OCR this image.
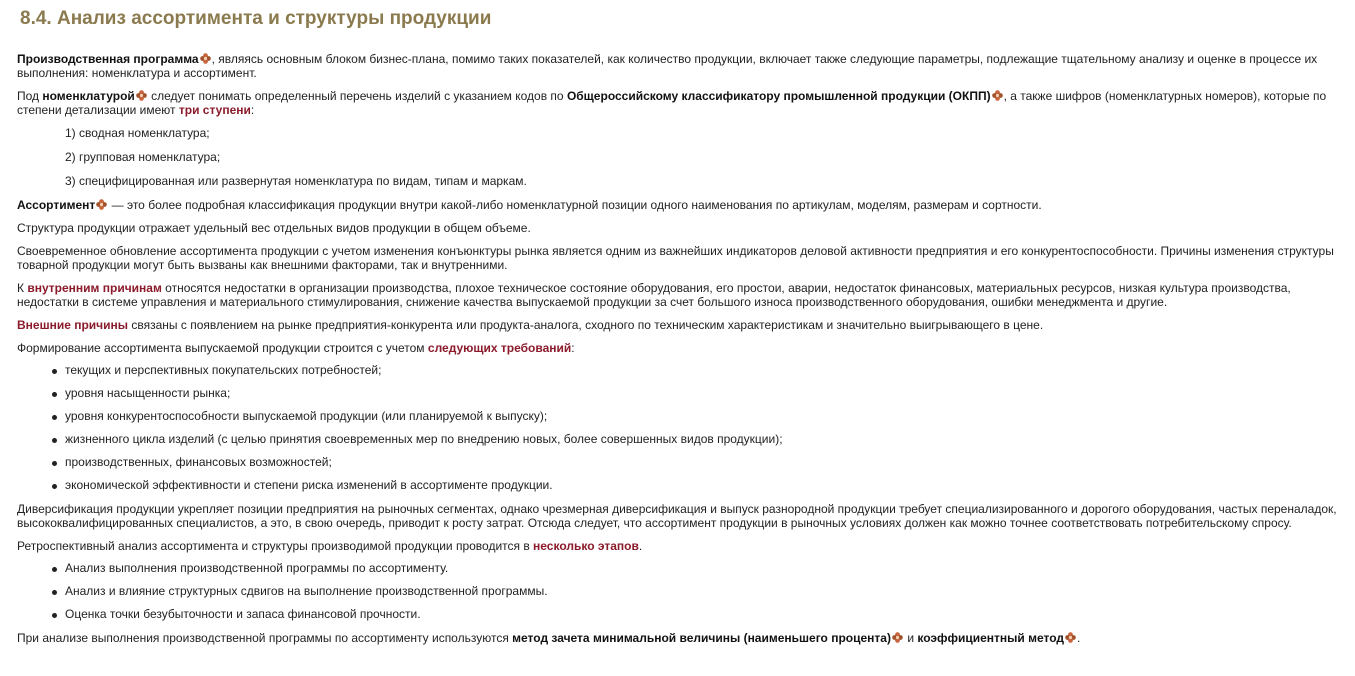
8.4. Анализ ассортимента и структуры продукции

Производственная программа , являясь основным блоком бизнес-плана, помимо таких показателей, как количество продукции, включает также следующие параметры, подлежащие тщательному анализу и оценке в процессе их выполнения: номенклатура и ассортимент.

Под номенклатурой
следует понимать определенный перечень изделий с указанием кодов по Общероссийскому классификатору промышленной продукции (ОКПП) , а также шифров (номенклатурных номеров), которые по степени детализации имеют три ступени:

1) сводная номенклатура;

2) групповая номенклатура;

3) специфицированная или развернутая номенклатура по видам, типам и маркам.

Ассортимент
— это более подробная классификация продукции внутри какой-либо номенклатурной позиции одного наименования по артикулам, моделям, размерам и сортности.

Структура продукции отражает удельный вес отдельных видов продукции в общем объеме.

Своевременное обновление ассортимента продукции с учетом изменения конъюнктуры рынка является одним из важнейших индикаторов деловой активности предприятия и его конкурентоспособности. Причины изменения структуры товарной продукции могут быть вызваны как внешними факторами, так и внутренними.

К внутренним причинам относятся недостатки в организации производства, плохое техническое состояние оборудования, его простои, аварии, недостаток финансовых, материальных ресурсов, низкая культура производства, недостатки в системе управления и материального стимулирования, снижение качества выпускаемой продукции за счет большого износа производственного оборудования, ошибки менеджмента и другие.

Внешние причины связаны с появлением на рынке предприятия-конкурента или продукта-аналога, сходного по техническим характеристикам и значительно выигрывающего в цене.

Формирование ассортимента выпускаемой продукции строится с учетом следующих требований:

текущих и перспективных покупательских потребностей;
уровня насыщенности рынка;
уровня конкурентоспособности выпускаемой продукции (или планируемой к выпуску);
жизненного цикла изделий (с целью принятия своевременных мер по внедрению новых, более совершенных видов продукции);
производственных, финансовых возможностей;
экономической эффективности и степени риска изменений в ассортименте продукции.

Диверсификация продукции укрепляет позиции предприятия на рыночных сегментах, однако чрезмерная диверсификация и выпуск разнородной продукции требует специализированного и дорогого оборудования, частых переналадок, высококвалифицированных специалистов, а это, в свою очередь, приводит к росту затрат. Отсюда следует, что ассортимент продукции в рыночных условиях должен как можно точнее соответствовать потребительскому спросу.

Ретроспективный анализ ассортимента и структуры производимой продукции проводится в несколько этапов.

Анализ выполнения производственной программы по ассортименту.
Анализ и влияние структурных сдвигов на выполнение производственной программы.
Оценка точки безубыточности и запаса финансовой прочности.

При анализе выполнения производственной программы по ассортименту используются метод зачета минимальной величины (наименьшего процента)
и коэффициентный метод .
